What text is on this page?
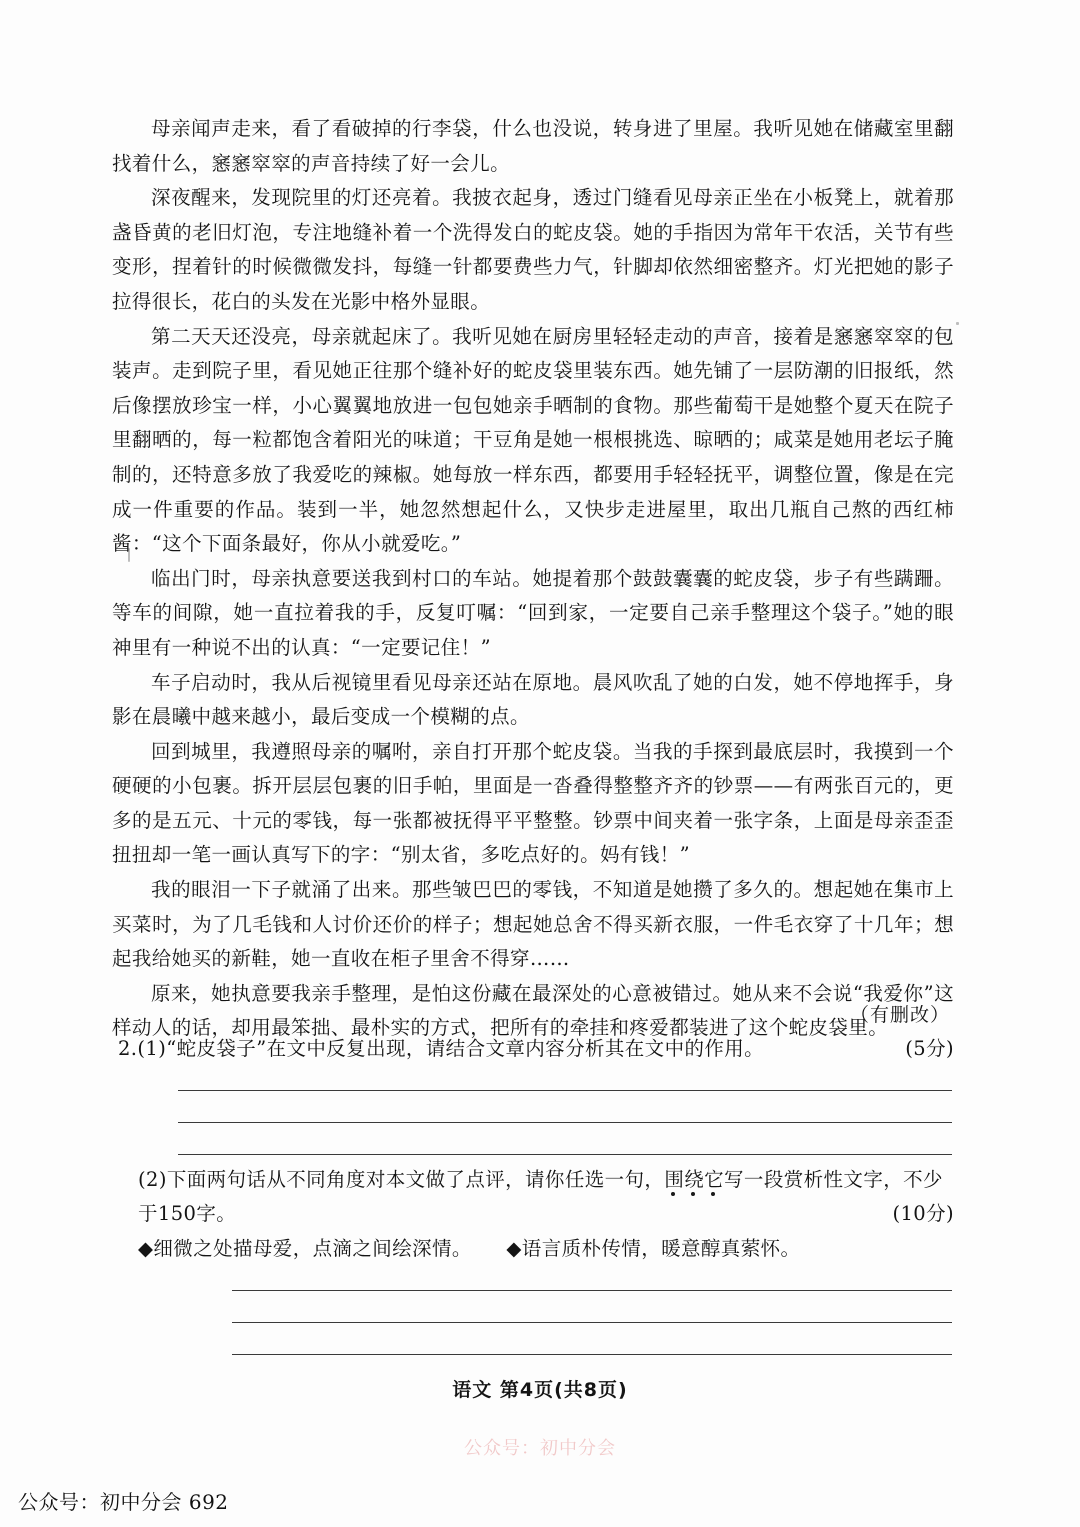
母亲闻声走来，看了看破掉的行李袋，什么也没说，转身进了里屋。我听见她在储藏室里翻找着什么，窸窸窣窣的声音持续了好一会儿。

深夜醒来，发现院里的灯还亮着。我披衣起身，透过门缝看见母亲正坐在小板凳上，就着那盏昏黄的老旧灯泡，专注地缝补着一个洗得发白的蛇皮袋。她的手指因为常年干农活，关节有些变形，捏着针的时候微微发抖，每缝一针都要费些力气，针脚却依然细密整齐。灯光把她的影子拉得很长，花白的头发在光影中格外显眼。

第二天天还没亮，母亲就起床了。我听见她在厨房里轻轻走动的声音，接着是窸窸窣窣的包装声。走到院子里，看见她正往那个缝补好的蛇皮袋里装东西。她先铺了一层防潮的旧报纸，然后像摆放珍宝一样，小心翼翼地放进一包包她亲手晒制的食物。那些葡萄干是她整个夏天在院子里翻晒的，每一粒都饱含着阳光的味道；干豆角是她一根根挑选、晾晒的；咸菜是她用老坛子腌制的，还特意多放了我爱吃的辣椒。她每放一样东西，都要用手轻轻抚平，调整位置，像是在完成一件重要的作品。装到一半，她忽然想起什么，又快步走进屋里，取出几瓶自己熬的西红柿酱：“这个下面条最好，你从小就爱吃。”

临出门时，母亲执意要送我到村口的车站。她提着那个鼓鼓囊囊的蛇皮袋，步子有些蹒跚。等车的间隙，她一直拉着我的手，反复叮嘱：“回到家，一定要自己亲手整理这个袋子。”她的眼神里有一种说不出的认真：“一定要记住！”

车子启动时，我从后视镜里看见母亲还站在原地。晨风吹乱了她的白发，她不停地挥手，身影在晨曦中越来越小，最后变成一个模糊的点。

回到城里，我遵照母亲的嘱咐，亲自打开那个蛇皮袋。当我的手探到最底层时，我摸到一个硬硬的小包裹。拆开层层包裹的旧手帕，里面是一沓叠得整整齐齐的钞票——有两张百元的，更多的是五元、十元的零钱，每一张都被抚得平平整整。钞票中间夹着一张字条，上面是母亲歪歪扭扭却一笔一画认真写下的字：“别太省，多吃点好的。妈有钱！”

我的眼泪一下子就涌了出来。那些皱巴巴的零钱，不知道是她攒了多久的。想起她在集市上买菜时，为了几毛钱和人讨价还价的样子；想起她总舍不得买新衣服，一件毛衣穿了十几年；想起我给她买的新鞋，她一直收在柜子里舍不得穿……

原来，她执意要我亲手整理，是怕这份藏在最深处的心意被错过。她从来不会说“我爱你”这样动人的话，却用最笨拙、最朴实的方式，把所有的牵挂和疼爱都装进了这个蛇皮袋里。

（有删改）
2.(1)“蛇皮袋子”在文中反复出现，请结合文章内容分析其在文中的作用。	(5分)
(2)下面两句话从不同角度对本文做了点评，请你任选一句，围绕它
写一段赏析性文字，不少于150字。	(10分)
◆细微之处描母爱，点滴之间绘深情。 ◆语言质朴传情，暖意醇真萦怀。
语文 第4页(共8页)
公众号：初中分会
公众号：初中分会 692
